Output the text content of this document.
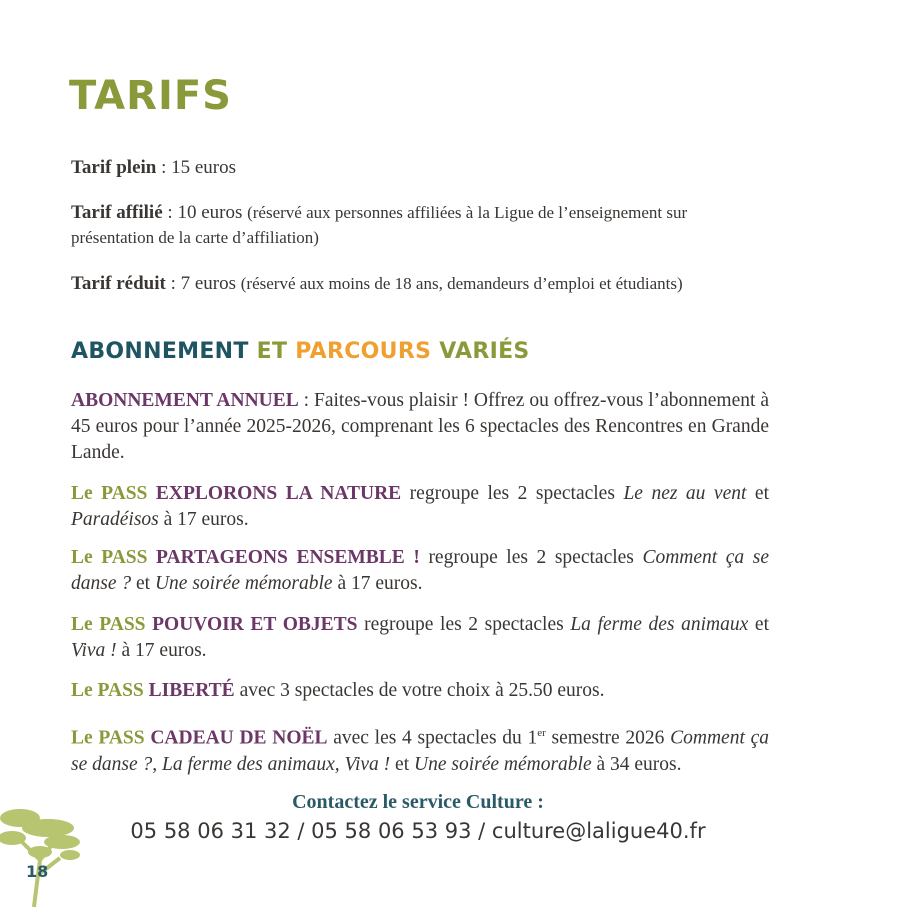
TARIFS

Tarif plein : 15 euros

Tarif affilié : 10 euros (réservé aux personnes affiliées à la Ligue de l’enseignement sur présentation de la carte d’affiliation)

Tarif réduit : 7 euros (réservé aux moins de 18 ans, demandeurs d’emploi et étudiants)

ABONNEMENT ET PARCOURS VARIÉS

ABONNEMENT ANNUEL : Faites-vous plaisir ! Offrez ou offrez-vous l’abonnement à 45 euros pour l’année 2025-2026, comprenant les 6 spectacles des Rencontres en Grande Lande.

Le PASS EXPLORONS LA NATURE regroupe les 2 spectacles Le nez au vent et Paradéisos à 17 euros.

Le PASS PARTAGEONS ENSEMBLE ! regroupe les 2 spectacles Comment ça se danse ? et Une soirée mémorable à 17 euros.

Le PASS POUVOIR ET OBJETS regroupe les 2 spectacles La ferme des animaux et Viva ! à 17 euros.

Le PASS LIBERTÉ avec 3 spectacles de votre choix à 25.50 euros.

Le PASS CADEAU DE NOËL avec les 4 spectacles du 1er semestre 2026 Comment ça se danse ?, La ferme des animaux, Viva ! et Une soirée mémorable à 34 euros.

Contactez le service Culture :

05 58 06 31 32 / 05 58 06 53 93 / culture@laligue40.fr

18
